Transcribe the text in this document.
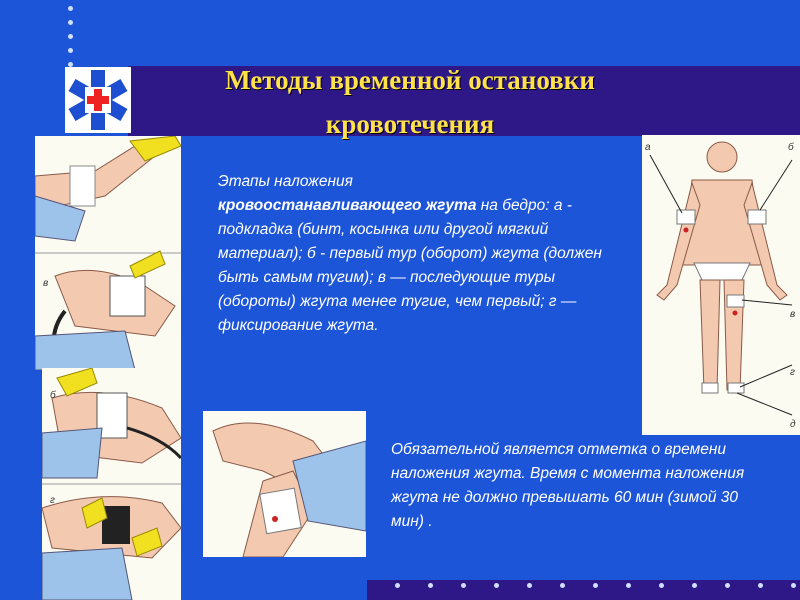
Методы временной остановки
кровотечения
в
б
г
а	б
в
г
д
Этапы наложения
кровоостанавливающего жгута на бедро: а - подкладка (бинт, косынка или другой мягкий материал); б - первый тур (оборот) жгута (должен быть самым тугим); в — последующие туры (обороты) жгута менее тугие, чем первый; г — фиксирование жгута.
Обязательной является отметка о времени наложения жгута. Время с момента наложения жгута не должно превышать 60 мин (зимой 30 мин) .
